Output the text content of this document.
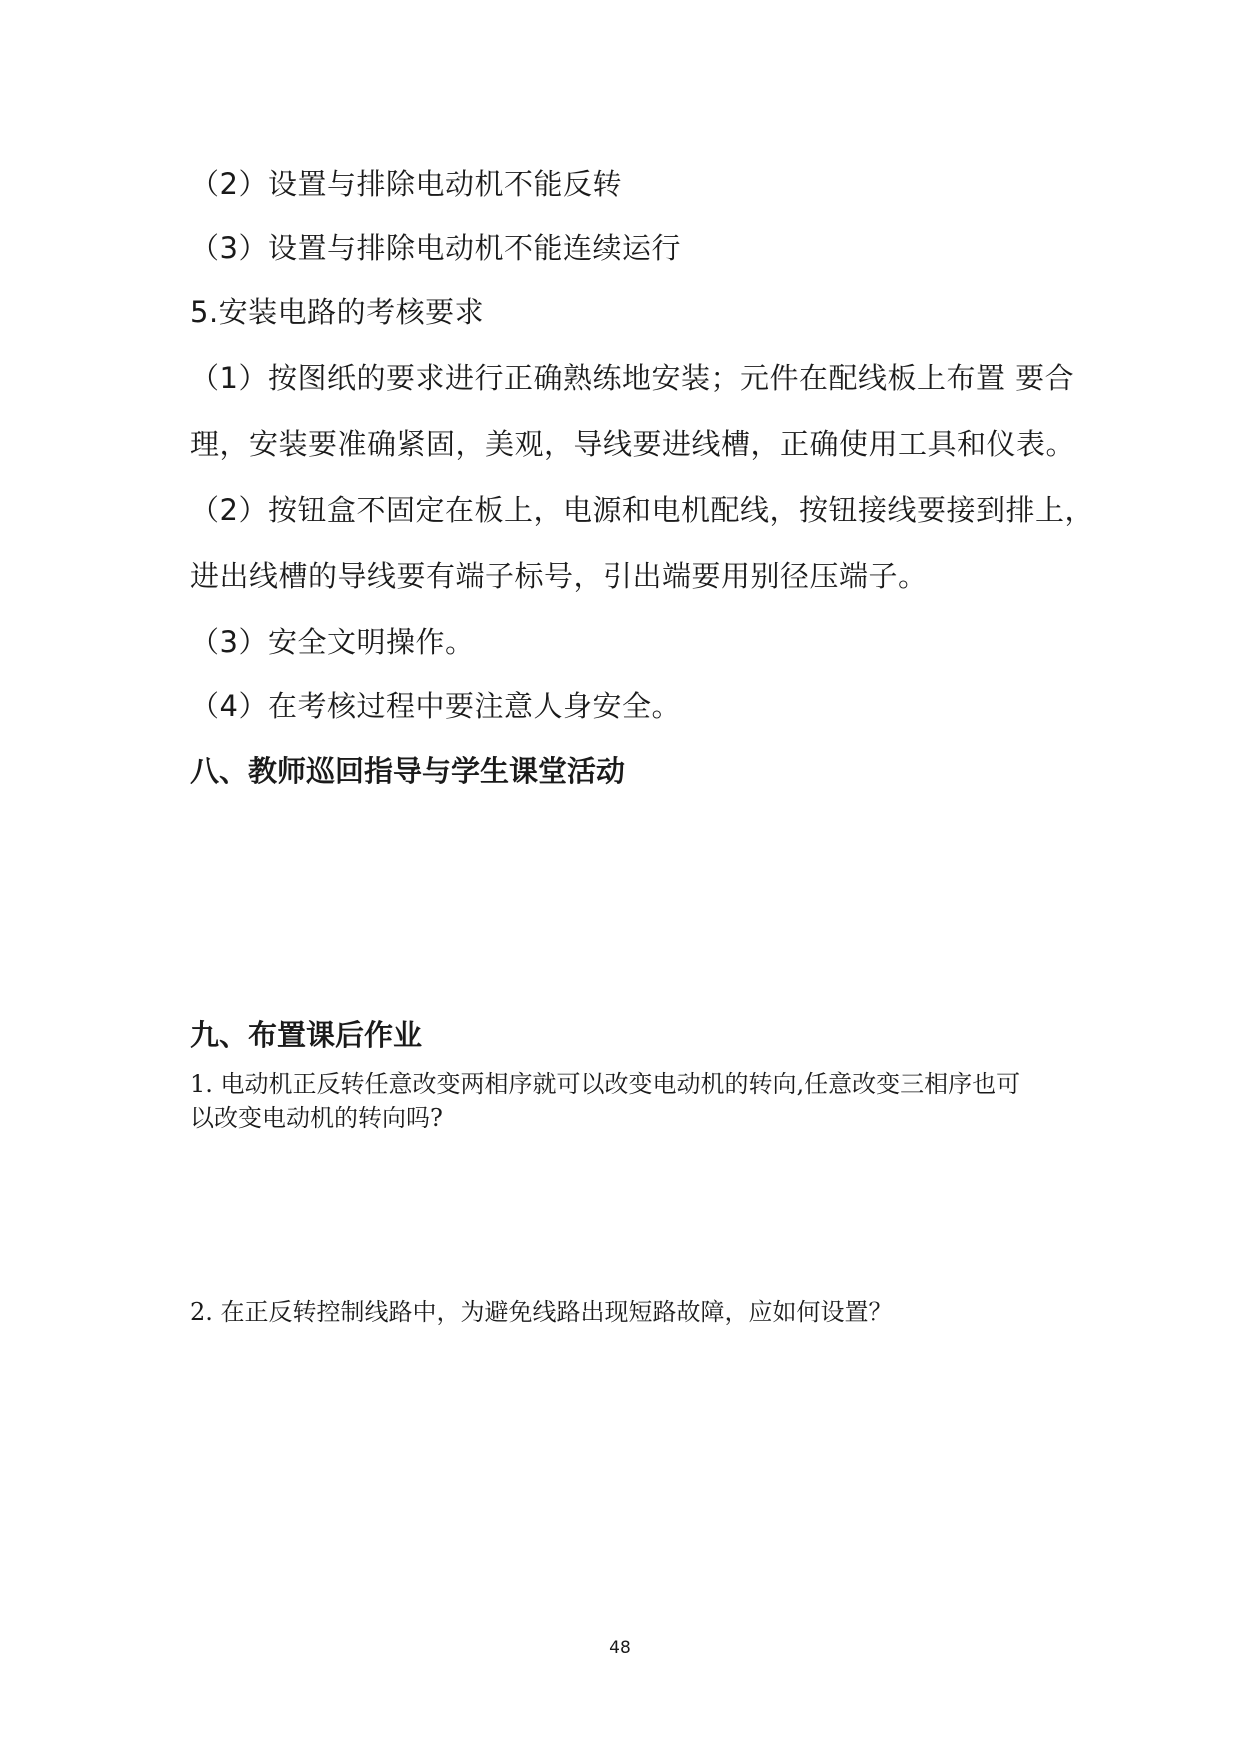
（2）设置与排除电动机不能反转
（3）设置与排除电动机不能连续运行
5.安装电路的考核要求
（1）按图纸的要求进行正确熟练地安装；元件在配线板上布置 要合
理，安装要准确紧固，美观，导线要进线槽，正确使用工具和仪表。
（2）按钮盒不固定在板上，电源和电机配线，按钮接线要接到排上，
进出线槽的导线要有端子标号，引出端要用别径压端子。
（3）安全文明操作。
（4）在考核过程中要注意人身安全。
八、教师巡回指导与学生课堂活动
九、布置课后作业
1. 电动机正反转任意改变两相序就可以改变电动机的转向,任意改变三相序也可
以改变电动机的转向吗?
2. 在正反转控制线路中，为避免线路出现短路故障，应如何设置？
48
